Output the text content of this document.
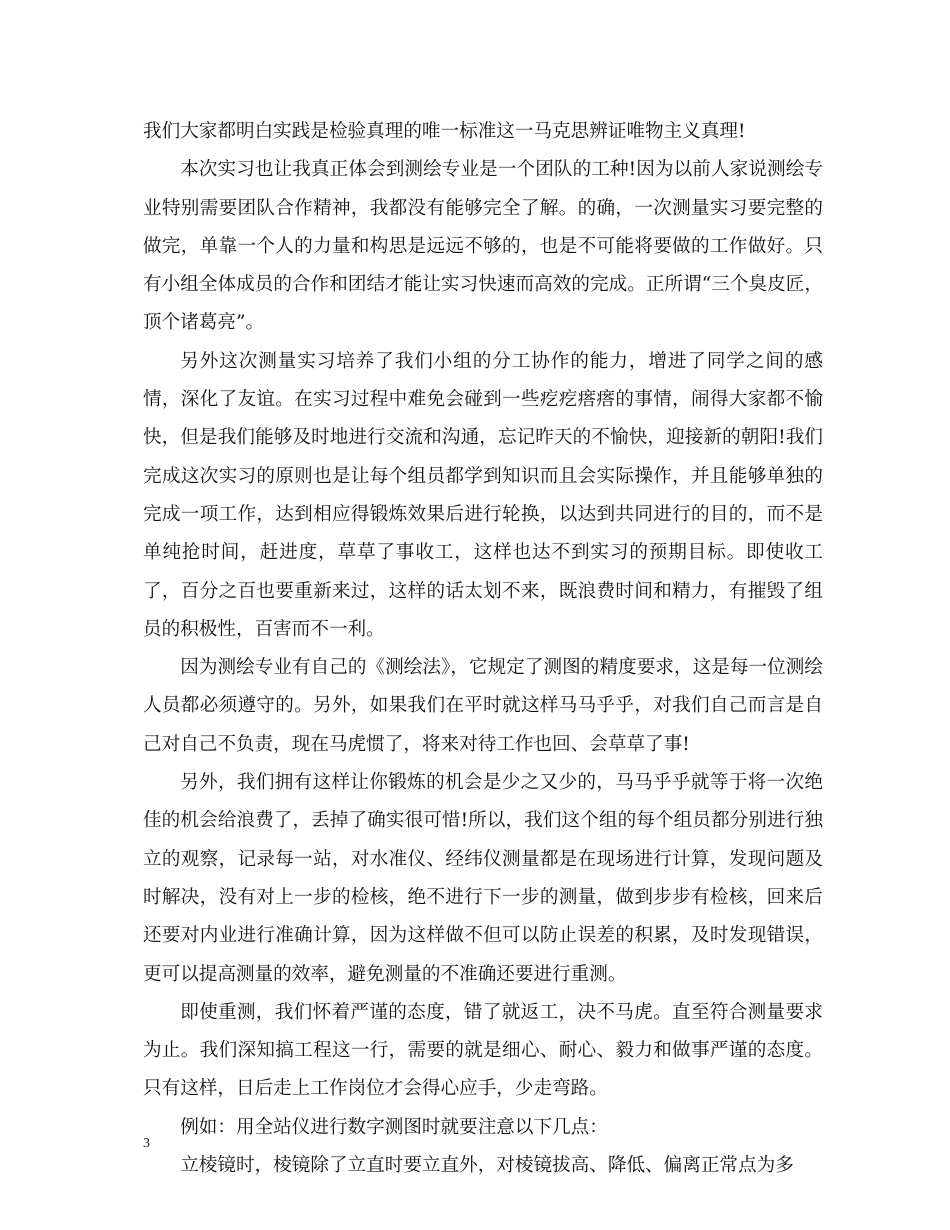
我们大家都明白实践是检验真理的唯一标准这一马克思辨证唯物主义真理!

本次实习也让我真正体会到测绘专业是一个团队的工种!因为以前人家说测绘专业特别需要团队合作精神，我都没有能够完全了解。的确，一次测量实习要完整的做完，单靠一个人的力量和构思是远远不够的，也是不可能将要做的工作做好。只有小组全体成员的合作和团结才能让实习快速而高效的完成。正所谓“三个臭皮匠，顶个诸葛亮”。

另外这次测量实习培养了我们小组的分工协作的能力，增进了同学之间的感情，深化了友谊。在实习过程中难免会碰到一些疙疙瘩瘩的事情，闹得大家都不愉快，但是我们能够及时地进行交流和沟通，忘记昨天的不愉快，迎接新的朝阳!我们完成这次实习的原则也是让每个组员都学到知识而且会实际操作，并且能够单独的完成一项工作，达到相应得锻炼效果后进行轮换，以达到共同进行的目的，而不是单纯抢时间，赶进度，草草了事收工，这样也达不到实习的预期目标。即使收工了，百分之百也要重新来过，这样的话太划不来，既浪费时间和精力，有摧毁了组员的积极性，百害而不一利。

因为测绘专业有自己的《测绘法》，它规定了测图的精度要求，这是每一位测绘人员都必须遵守的。另外，如果我们在平时就这样马马乎乎，对我们自己而言是自己对自己不负责，现在马虎惯了，将来对待工作也回、会草草了事!

另外，我们拥有这样让你锻炼的机会是少之又少的，马马乎乎就等于将一次绝佳的机会给浪费了，丢掉了确实很可惜!所以，我们这个组的每个组员都分别进行独立的观察，记录每一站，对水准仪、经纬仪测量都是在现场进行计算，发现问题及时解决，没有对上一步的检核，绝不进行下一步的测量，做到步步有检核，回来后还要对内业进行准确计算，因为这样做不但可以防止误差的积累，及时发现错误，更可以提高测量的效率，避免测量的不准确还要进行重测。

即使重测，我们怀着严谨的态度，错了就返工，决不马虎。直至符合测量要求为止。我们深知搞工程这一行，需要的就是细心、耐心、毅力和做事严谨的态度。只有这样，日后走上工作岗位才会得心应手，少走弯路。

例如：用全站仪进行数字测图时就要注意以下几点：

立棱镜时，棱镜除了立直时要立直外，对棱镜拔高、降低、偏离正常点为多

3
